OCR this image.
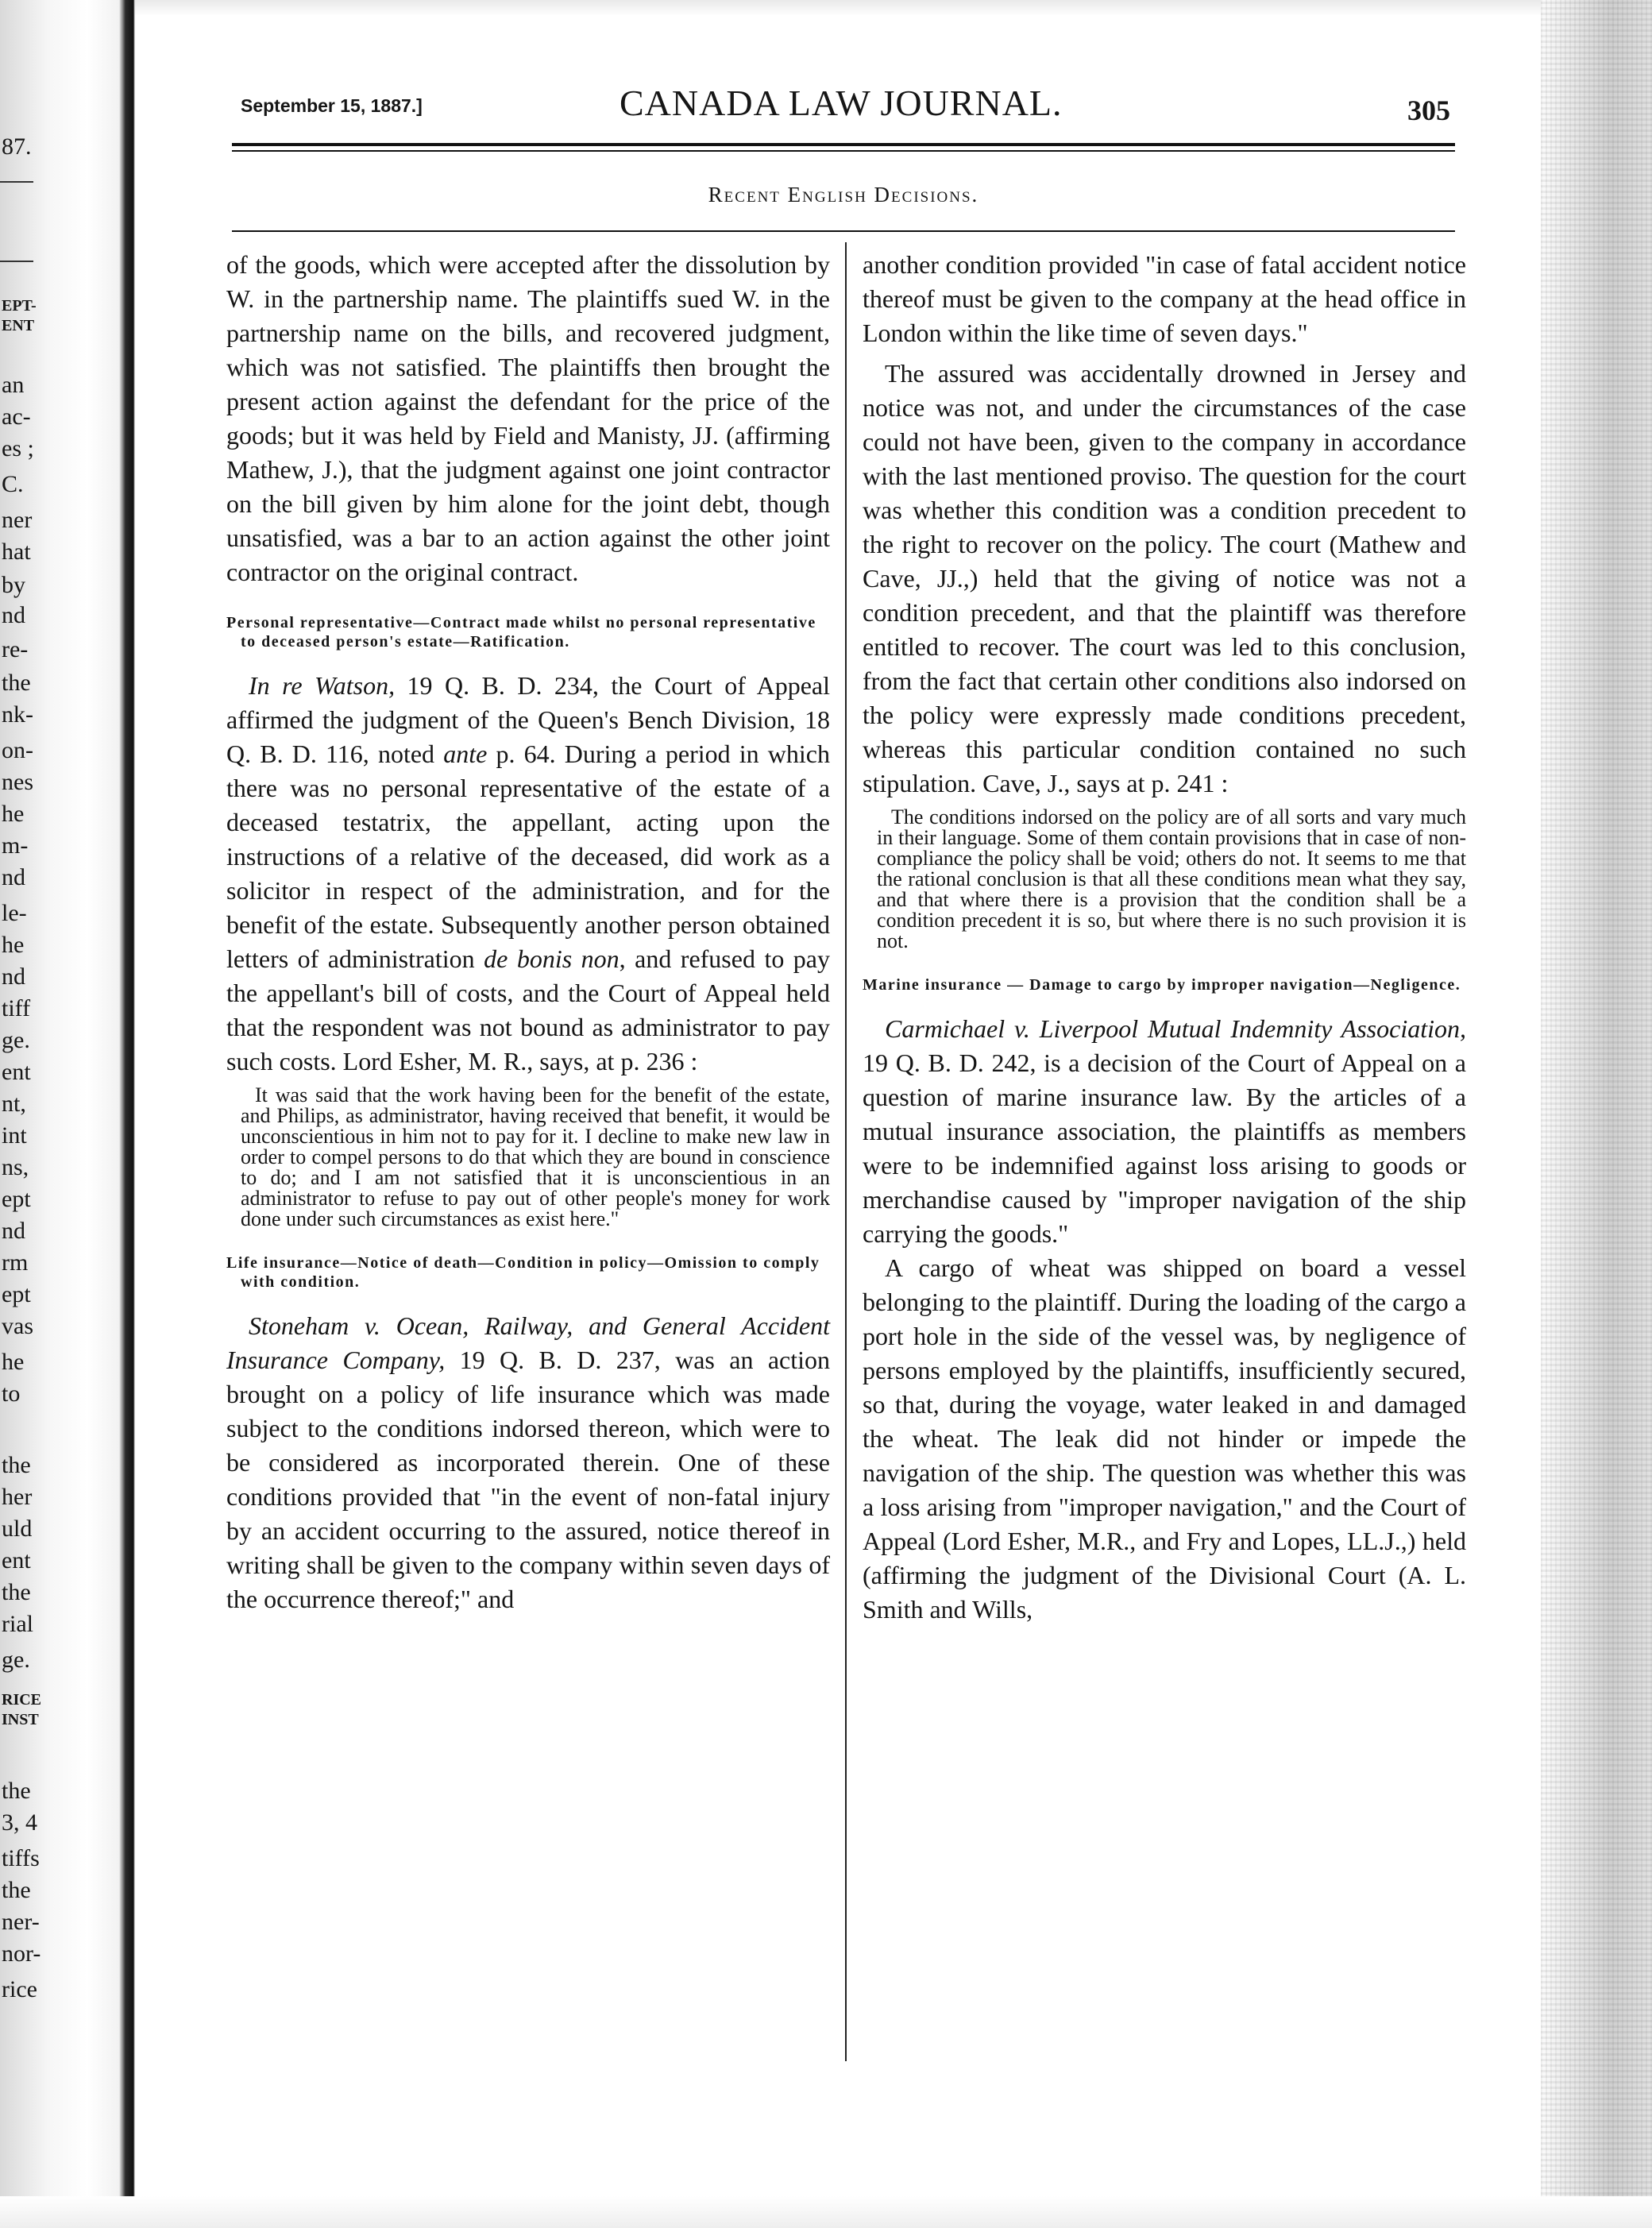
87.
EPT-
ENT
an
ac-
es ;
C.
ner
hat
by
nd
re-
the
nk-
on-
nes
he
m-
nd
le-
he
nd
tiff
ge.
ent
nt,
int
ns,
ept
nd
rm
ept
vas
he
to
the
her
uld
ent
the
rial
ge.
RICE
INST
the
3, 4
tiffs
the
ner-
nor-
rice
September 15, 1887.]	CANADA LAW JOURNAL.	305
Recent English Decisions.

of the goods, which were accepted after the dissolution by W. in the partnership name. The plaintiffs sued W. in the partnership name on the bills, and recovered judgment, which was not satisfied. The plaintiffs then brought the present action against the defendant for the price of the goods; but it was held by Field and Manisty, JJ. (affirming Mathew, J.), that the judgment against one joint contractor on the bill given by him alone for the joint debt, though unsatisfied, was a bar to an action against the other joint contractor on the original contract.

Personal representative—Contract made whilst no personal representative to deceased person's estate—Ratification.

In re Watson, 19 Q. B. D. 234, the Court of Appeal affirmed the judgment of the Queen's Bench Division, 18 Q. B. D. 116, noted ante p. 64. During a period in which there was no personal representative of the estate of a deceased testatrix, the appellant, acting upon the instructions of a relative of the deceased, did work as a solicitor in respect of the administration, and for the benefit of the estate. Subsequently another person obtained letters of administration de bonis non, and refused to pay the appellant's bill of costs, and the Court of Appeal held that the respondent was not bound as administrator to pay such costs. Lord Esher, M. R., says, at p. 236 :

It was said that the work having been for the benefit of the estate, and Philips, as administrator, having received that benefit, it would be unconscientious in him not to pay for it. I decline to make new law in order to compel persons to do that which they are bound in conscience to do; and I am not satisfied that it is unconscientious in an administrator to refuse to pay out of other people's money for work done under such circumstances as exist here."

Life insurance—Notice of death—Condition in policy—Omission to comply with condition.

Stoneham v. Ocean, Railway, and General Accident Insurance Company, 19 Q. B. D. 237, was an action brought on a policy of life insurance which was made subject to the conditions indorsed thereon, which were to be considered as incorporated therein. One of these conditions provided that "in the event of non-fatal injury by an accident occurring to the assured, notice thereof in writing shall be given to the company within seven days of the occurrence thereof;" and

another condition provided "in case of fatal accident notice thereof must be given to the company at the head office in London within the like time of seven days."

The assured was accidentally drowned in Jersey and notice was not, and under the circumstances of the case could not have been, given to the company in accordance with the last mentioned proviso. The question for the court was whether this condition was a condition precedent to the right to recover on the policy. The court (Mathew and Cave, JJ.,) held that the giving of notice was not a condition precedent, and that the plaintiff was therefore entitled to recover. The court was led to this conclusion, from the fact that certain other conditions also indorsed on the policy were expressly made conditions precedent, whereas this particular condition contained no such stipulation. Cave, J., says at p. 241 :

The conditions indorsed on the policy are of all sorts and vary much in their language. Some of them contain provisions that in case of non-compliance the policy shall be void; others do not. It seems to me that the rational conclusion is that all these conditions mean what they say, and that where there is a provision that the condition shall be a condition precedent it is so, but where there is no such provision it is not.

Marine insurance — Damage to cargo by improper navigation—Negligence.

Carmichael v. Liverpool Mutual Indemnity Association, 19 Q. B. D. 242, is a decision of the Court of Appeal on a question of marine insurance law. By the articles of a mutual insurance association, the plaintiffs as members were to be indemnified against loss arising to goods or merchandise caused by "improper navigation of the ship carrying the goods."

A cargo of wheat was shipped on board a vessel belonging to the plaintiff. During the loading of the cargo a port hole in the side of the vessel was, by negligence of persons employed by the plaintiffs, insufficiently secured, so that, during the voyage, water leaked in and damaged the wheat. The leak did not hinder or impede the navigation of the ship. The question was whether this was a loss arising from "improper navigation," and the Court of Appeal (Lord Esher, M.R., and Fry and Lopes, LL.J.,) held (affirming the judgment of the Divisional Court (A. L. Smith and Wills,
